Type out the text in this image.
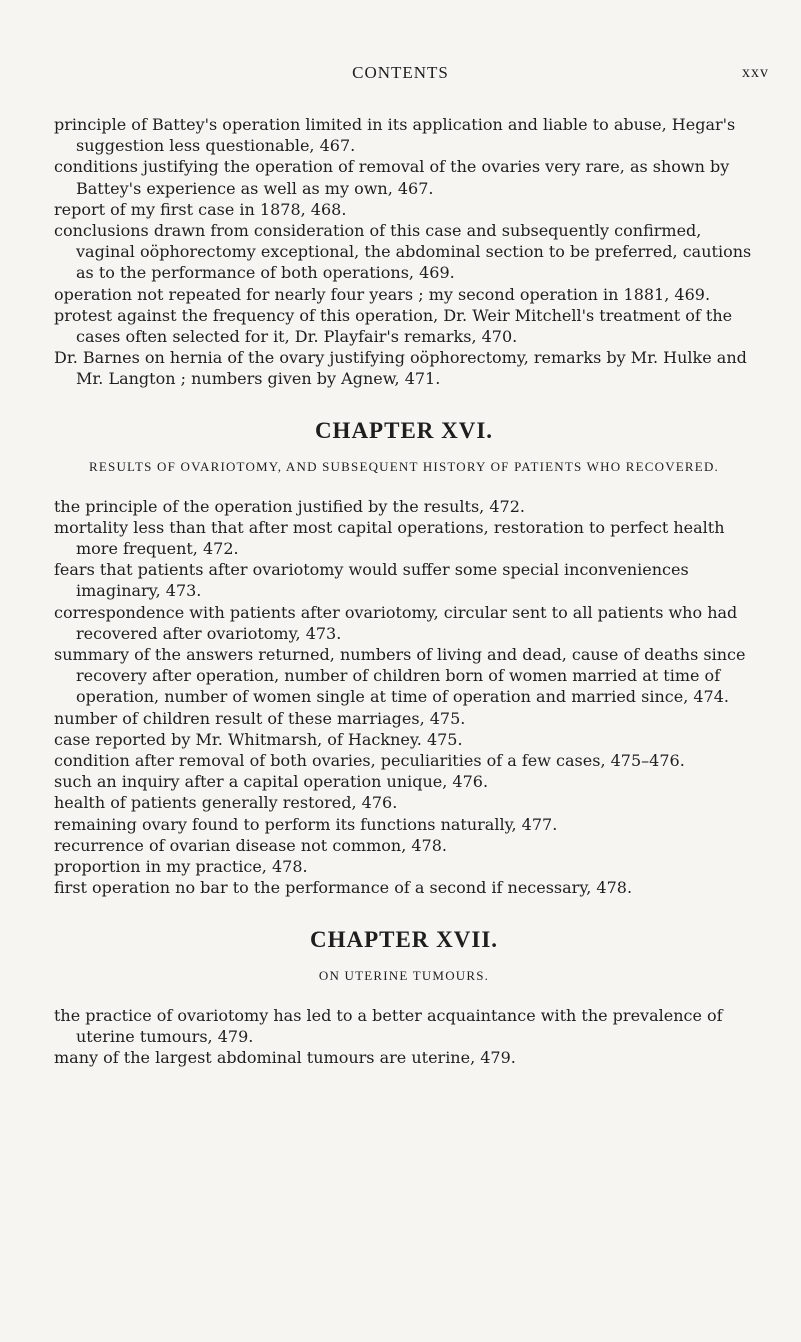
CONTENTS	xxv

principle of Battey's operation limited in its application and liable to abuse, Hegar's suggestion less questionable, 467.

conditions justifying the operation of removal of the ovaries very rare, as shown by Battey's experience as well as my own, 467.

report of my first case in 1878, 468.

conclusions drawn from consideration of this case and subsequently confirmed, vaginal oöphorectomy exceptional, the abdominal section to be preferred, cautions as to the performance of both operations, 469.

operation not repeated for nearly four years ; my second operation in 1881, 469.

protest against the frequency of this operation, Dr. Weir Mitchell's treatment of the cases often selected for it, Dr. Playfair's remarks, 470.

Dr. Barnes on hernia of the ovary justifying oöphorectomy, remarks by Mr. Hulke and Mr. Langton ; numbers given by Agnew, 471.

CHAPTER XVI.
RESULTS OF OVARIOTOMY, AND SUBSEQUENT HISTORY OF PATIENTS WHO RECOVERED.

the principle of the operation justified by the results, 472.

mortality less than that after most capital operations, restoration to perfect health more frequent, 472.

fears that patients after ovariotomy would suffer some special inconveniences imaginary, 473.

correspondence with patients after ovariotomy, circular sent to all patients who had recovered after ovariotomy, 473.

summary of the answers returned, numbers of living and dead, cause of deaths since recovery after operation, number of children born of women married at time of operation, number of women single at time of operation and married since, 474.

number of children result of these marriages, 475.

case reported by Mr. Whitmarsh, of Hackney. 475.

condition after removal of both ovaries, peculiarities of a few cases, 475–476.

such an inquiry after a capital operation unique, 476.

health of patients generally restored, 476.

remaining ovary found to perform its functions naturally, 477.

recurrence of ovarian disease not common, 478.

proportion in my practice, 478.

first operation no bar to the performance of a second if necessary, 478.

CHAPTER XVII.
ON UTERINE TUMOURS.

the practice of ovariotomy has led to a better acquaintance with the prevalence of uterine tumours, 479.

many of the largest abdominal tumours are uterine, 479.
